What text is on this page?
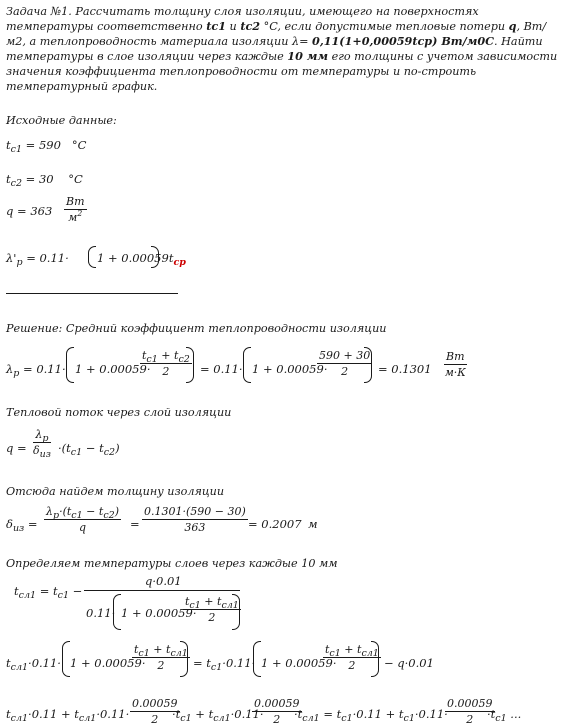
Задача №1. Рассчитать толщину слоя изоляции, имеющего на поверхностях температуры соответственно tc1 и tc2 °C, если допустимые тепловые потери q, Вт/м2, а теплопроводность материала изоляции λ= 0,11(1+0,00059tср) Вт/м0С. Найти температуры в слое изоляции через каждые 10 мм его толщины с учетом зависимости значения коэффициента теплопроводности от температуры и по-строить температурный график.
Исходные данные:
$t_{c1} = 590$ °C
$t_{c2} = 30$ °C
q = 363
Вт
$м^2$
$\lambda'_p = 0.11\cdot 1 + 0.00059t_{cp}$
Решение: Средний коэффициент теплопроводности изоляции
$\lambda_p = 0.11\cdot 1 + 0.00059\cdot$
$\frac{tc1 + tc2}{2} = 0.11\cdot 1 + 0.00059\cdot$
$\frac{590 + 30}{2} = 0.1301$
Вт
м·К
Тепловой поток через слой изоляции
q =
λp
$\delta из \cdot(t_{c1} - t_{c2})$
Отсюда найдем толщину изоляции
$\delta_{из} = \frac{\lambda p\cdot(tc1 - tc2)}{q} = \frac{0.1301\cdot(590 - 30)}{363} = 0.2007$ м
Определяем температуры слоев через каждые 10 мм
$t_{сл1} = t_{c1}$ −
q·0.01
0.11· 1 + 0.00059·
tc1 + tсл1
2
$t_{сл1}\cdot 0.11\cdot 1 + 0.00059\cdot$
tc1 + tсл1
2	= $t_{c1}\cdot 0.11\cdot 1 + 0.00059\cdot$
tc1 + tсл1
2	− q·0.01
$t_{сл1}\cdot 0.11 + t_{сл1}\cdot 0.11\cdot \frac{0.00059}{2}$
$\cdot t_{c1} + t_{сл1}\cdot 0.11\cdot$
$\frac{0.00059}{2}$
$\cdot t_{сл1} = t_{c1}\cdot 0.11 + t_{c1}\cdot 0.11\cdot$
$\frac{0.00059}{2}$
$\cdot t_{c1}$ ...
